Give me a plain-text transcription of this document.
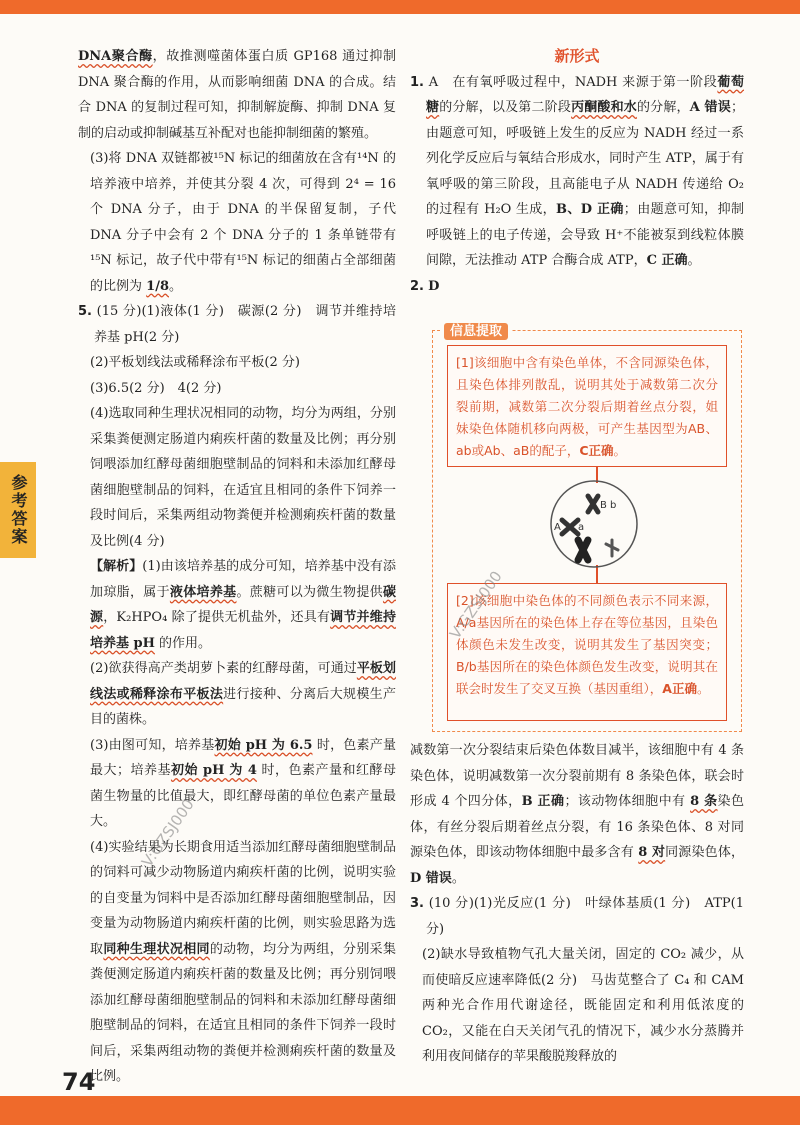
参考答案
74

DNA聚合酶，故推测噬菌体蛋白质 GP168 通过抑制 DNA 聚合酶的作用，从而影响细菌 DNA 的合成。结合 DNA 的复制过程可知，抑制解旋酶、抑制 DNA 复制的启动或抑制碱基互补配对也能抑制细菌的繁殖。

(3)将 DNA 双链都被¹⁵N 标记的细菌放在含有¹⁴N 的培养液中培养，并使其分裂 4 次，可得到 2⁴ = 16 个 DNA 分子，由于 DNA 的半保留复制，子代 DNA 分子中会有 2 个 DNA 分子的 1 条单链带有¹⁵N 标记，故子代中带有¹⁵N 标记的细菌占全部细菌的比例为 1/8。

5. (15 分)(1)液体(1 分)　碳源(2 分)　调节并维持培养基 pH(2 分)

(2)平板划线法或稀释涂布平板(2 分)

(3)6.5(2 分)　4(2 分)

(4)选取同种生理状况相同的动物，均分为两组，分别采集粪便测定肠道内痢疾杆菌的数量及比例；再分别饲喂添加红酵母菌细胞壁制品的饲料和未添加红酵母菌细胞壁制品的饲料，在适宜且相同的条件下饲养一段时间后，采集两组动物粪便并检测痢疾杆菌的数量及比例(4 分)

【解析】(1)由该培养基的成分可知，培养基中没有添加琼脂，属于液体培养基。蔗糖可以为微生物提供碳源，K₂HPO₄ 除了提供无机盐外，还具有调节并维持培养基 pH 的作用。

(2)欲获得高产类胡萝卜素的红酵母菌，可通过平板划线法或稀释涂布平板法进行接种、分离后大规模生产目的菌株。

(3)由图可知，培养基初始 pH 为 6.5 时，色素产量最大；培养基初始 pH 为 4 时，色素产量和红酵母菌生物量的比值最大，即红酵母菌的单位色素产量最大。

(4)实验结果为长期食用适当添加红酵母菌细胞壁制品的饲料可减少动物肠道内痢疾杆菌的比例，说明实验的自变量为饲料中是否添加红酵母菌细胞壁制品，因变量为动物肠道内痢疾杆菌的比例，则实验思路为选取同种生理状况相同的动物，均分为两组，分别采集粪便测定肠道内痢疾杆菌的数量及比例；再分别饲喂添加红酵母菌细胞壁制品的饲料和未添加红酵母菌细胞壁制品的饲料，在适宜且相同的条件下饲养一段时间后，采集两组动物的粪便并检测痢疾杆菌的数量及比例。

新形式

1. A　在有氧呼吸过程中，NADH 来源于第一阶段葡萄糖的分解，以及第二阶段丙酮酸和水的分解，A 错误；由题意可知，呼吸链上发生的反应为 NADH 经过一系列化学反应后与氧结合形成水，同时产生 ATP，属于有氧呼吸的第三阶段，且高能电子从 NADH 传递给 O₂ 的过程有 H₂O 生成，B、D 正确；由题意可知，抑制呼吸链上的电子传递，会导致 H⁺不能被泵到线粒体膜间隙，无法推动 ATP 合酶合成 ATP，C 正确。

2. D

信息提取
[1]该细胞中含有染色单体，不含同源染色体，且染色体排列散乱，说明其处于减数第二次分裂前期，减数第二次分裂后期着丝点分裂，姐妹染色体随机移向两极，可产生基因型为AB、ab或Ab、aB的配子，C正确。
[2]该细胞中染色体的不同颜色表示不同来源，A/a基因所在的染色体上存在等位基因，且染色体颜色未发生改变，说明其发生了基因突变；B/b基因所在的染色体颜色发生改变，说明其在联会时发生了交叉互换（基因重组），A正确。
B b
A a

减数第一次分裂结束后染色体数目减半，该细胞中有 4 条染色体，说明减数第一次分裂前期有 8 条染色体，联会时形成 4 个四分体，B 正确；该动物体细胞中有 8 条染色体，有丝分裂后期着丝点分裂，有 16 条染色体、8 对同源染色体，即该动物体细胞中最多含有 8 对同源染色体，D 错误。

3. (10 分)(1)光反应(1 分)　叶绿体基质(1 分)　ATP(1 分)

(2)缺水导致植物气孔大量关闭，固定的 CO₂ 减少，从而使暗反应速率降低(2 分)　马齿苋整合了 C₄ 和 CAM 两种光合作用代谢途径，既能固定和利用低浓度的 CO₂，又能在白天关闭气孔的情况下，减少水分蒸腾并利用夜间储存的苹果酸脱羧释放的

V:GZSJ000
V:GZSJ000
